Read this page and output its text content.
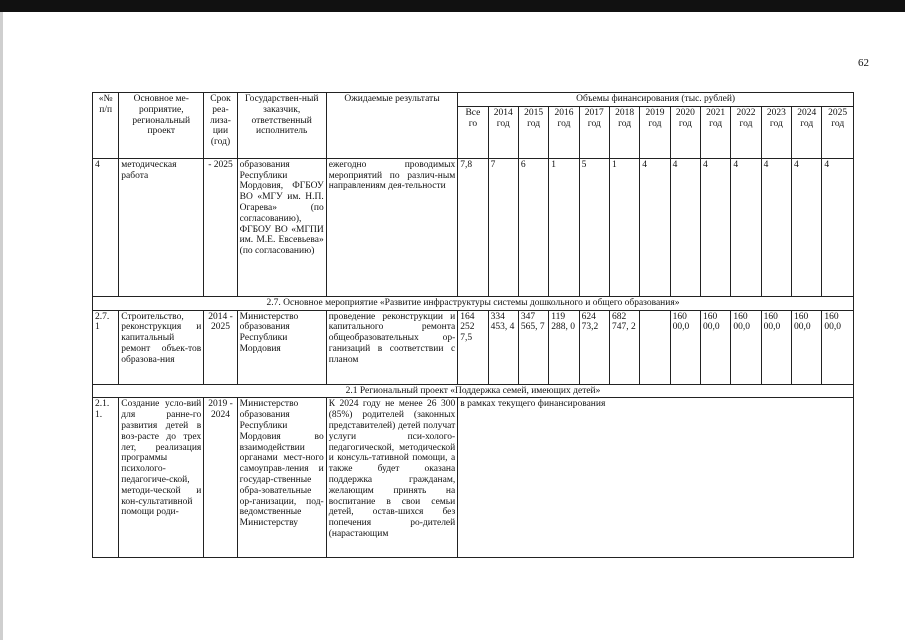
62
«№ п/п	Основное ме-роприятие, региональный проект	Срок реа-лиза-ции (год)	Государствен-ный заказчик, ответственный исполнитель	Ожидаемые результаты	Объемы финансирования (тыс. рублей)												
					Все го	2014 год	2015 год	2016 год	2017 год	2018 год	2019 год	2020 год	2021 год	2022 год	2023 год	2024 год	2025 год
4	методическая работа	- 2025	образования Республики Мордовия, ФГБОУ ВО «МГУ им. Н.П. Огарева» (по согласованию), ФГБОУ ВО «МГПИ им. М.Е. Евсевьева» (по согласованию)	ежегодно проводимых мероприятий по различ-ным направлениям дея-тельности	7,8	7	6	1	5	1	4	4	4	4	4	4	4
2.7. Основное мероприятие «Развитие инфраструктуры системы дошкольного и общего образования»																	
2.7. 1	Строительство, реконструкция и капитальный ремонт объек-тов образова-ния	2014 - 2025	Министерство образования Республики Мордовия	проведение реконструкции и капитального ремонта общеобразовательных ор-ганизаций в соответствии с планом	164 252 7,5	334 453, 4	347 565, 7	119 288, 0	624 73,2	682 747, 2		160 00,0	160 00,0	160 00,0	160 00,0	160 00,0	160 00,0
2.1 Региональный проект «Поддержка семей, имеющих детей»																	
2.1. 1.	Создание усло-вий для ранне-го развития детей в воз-расте до трех лет, реализация программы психолого-педагогиче-ской, методи-ческой и кон-сультативной помощи роди-	2019 - 2024	Министерство образования Республики Мордовия во взаимодействии органами мест-ного самоуправ-ления и государ-ственные обра-зовательные ор-ганизации, под-ведомственные Министерству	К 2024 году не менее 26 300 (85%) родителей (законных представителей) детей получат услуги пси-холого-педагогической, методической и консуль-тативной помощи, а также будет оказана поддержка гражданам, желающим принять на воспитание в свои семьи детей, остав-шихся без попечения ро-дителей (нарастающим	в рамках текущего финансирования												
